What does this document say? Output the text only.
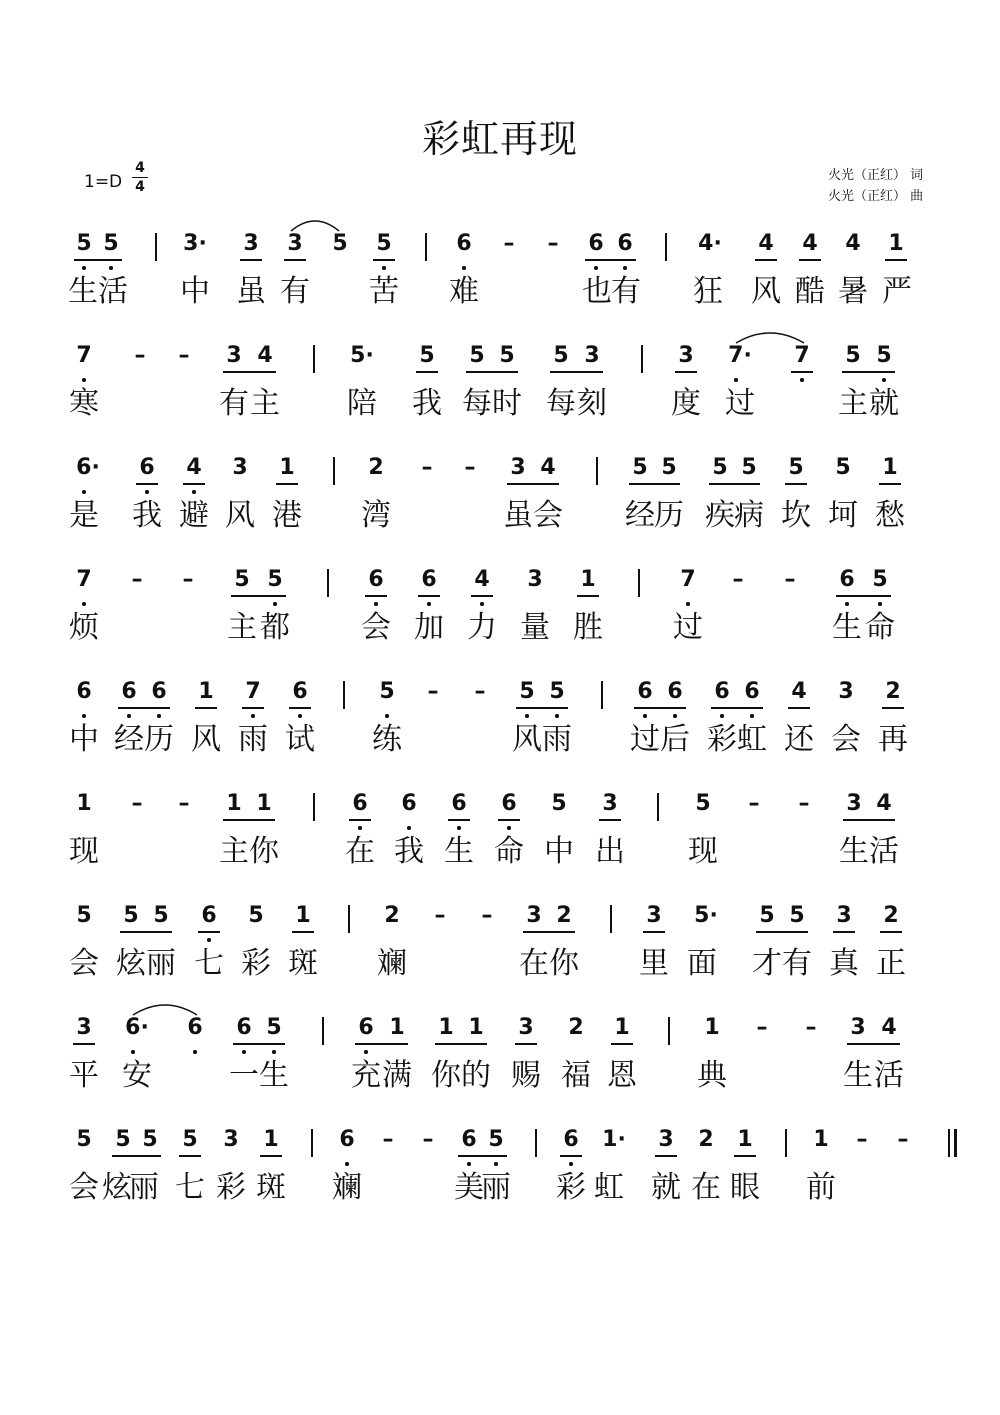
彩虹再现
1=D
4
4
火光（正红） 词
火光（正红） 曲
5 5	3· 3 3 5 5	6 – – 6 6	4· 4 4 4 1
生 活 中 虽 有 苦 难	也 有 狂 风 酷 暑 严
7 – – 3 4	5· 5 5 5 5 3	3 7· 7 5 5
寒	有 主 陪 我 每 时 每 刻 度 过	主 就
6· 6 4 3 1	2 – – 3 4	5 5 5 5 5 5 1
是 我 避 风 港 湾	虽 会 经 历 疾 病 坎 坷 愁
7 – – 5 5	6 6 4 3 1	7 – – 6 5
烦	主 都 会 加 力 量 胜 过	生 命
6 6 6 1 7 6	5 – – 5 5	6 6 6 6 4 3 2
中 经 历 风 雨 试 练	风 雨 过 后 彩 虹 还 会 再
1 – – 1 1	6 6 6 6 5 3	5 – – 3 4
现	主 你 在 我 生 命 中 出 现	生 活
5 5 5 6 5 1	2 – – 3 2	3 5· 5 5 3 2
会 炫 丽 七 彩 斑 斓	在 你 里 面 才 有 真 正
3 6· 6 6 5	6 1 1 1 3 2 1	1 – – 3 4
平 安	一 生 充 满 你 的 赐 福 恩 典	生 活
5 5 5 5 3 1	6 – – 6 5	6 1· 3 2 1	1 – –
会 炫
丽 七 彩 斑 斓	美
丽 彩 虹 就 在 眼 前
